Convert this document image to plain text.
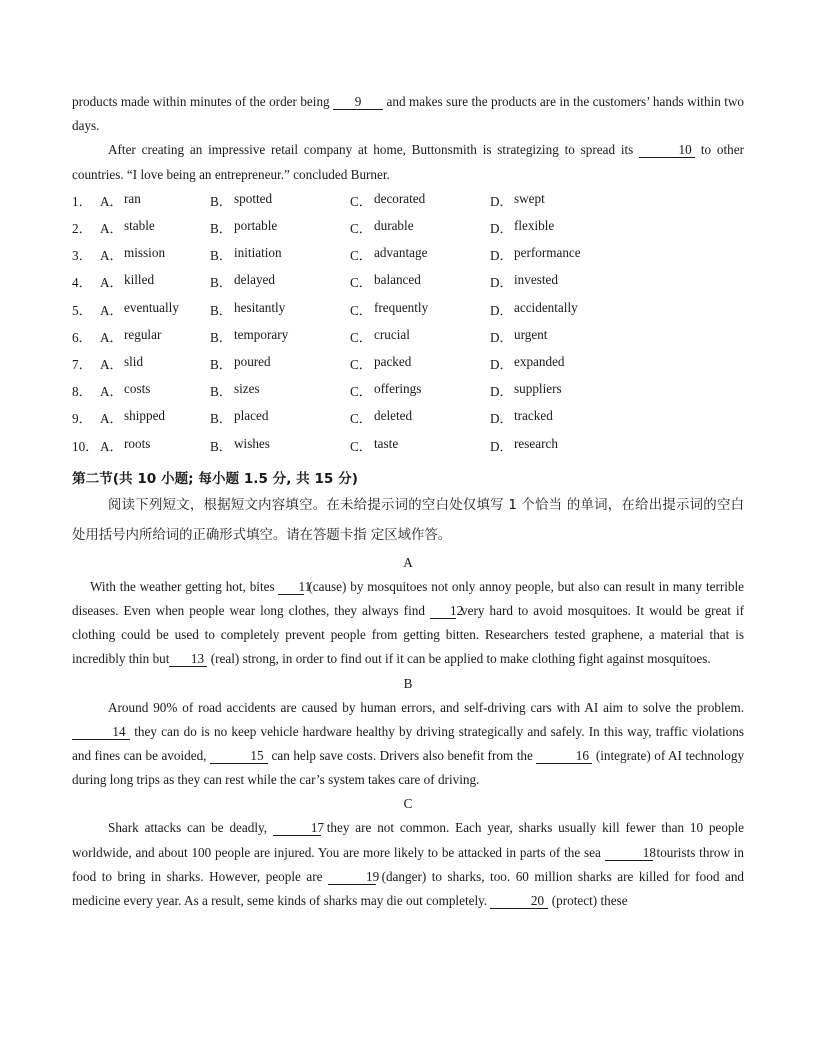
products made within minutes of the order being 9 and makes sure the products are in the customers’ hands within two days.

After creating an impressive retail company at home, Buttonsmith is strategizing to spread its	10 to other countries. “I love being an entrepreneur.” concluded Burner.

1． A． ran	B． spotted	C． decorated	D． swept
2． A． stable	B． portable	C． durable	D． flexible
3． A． mission	B． initiation	C． advantage	D． performance
4． A． killed	B． delayed	C． balanced	D． invested
5． A． eventually B． hesitantly	C． frequently	D． accidentally
6． A． regular	B． temporary	C． crucial	D． urgent
7． A． slid	B． poured	C． packed	D． expanded
8． A． costs	B． sizes	C． offerings	D． suppliers
9． A． shipped	B． placed	C． deleted	D． tracked
10． A． roots	B． wishes	C． taste	D． research
第二节(共 10 小题; 每小题 1.5 分, 共 15 分)

阅读下列短文，根据短文内容填空。在未给提示词的空白处仅填写 1 个恰当 的单词，在给出提示词的空白处用括号内所给词的正确形式填空。请在答题卡指 定区域作答。

A

With the weather getting hot, bites 11 (cause) by mosquitoes not only annoy people, but also can result in many terrible diseases. Even when people wear long clothes, they always find 12 very hard to avoid mosquitoes. It would be great if clothing could be used to completely prevent people from getting bitten. Researchers tested graphene, a material that is incredibly thin but 13 (real) strong, in order to find out if it can be applied to make clothing fight against mosquitoes.

B

Around 90% of road accidents are caused by human errors, and self-driving cars with AI aim to solve the problem. 14 they can do is no keep vehicle hardware healthy by driving strategically and safely. In this way, traffic violations and fines can be avoided,	15 can help save costs. Drivers also benefit from the	16 (integrate) of AI technology during long trips as they can rest while the car’s system takes care of driving.

C

Shark attacks can be deadly,	17 they are not common. Each year, sharks usually kill fewer than 10 people worldwide, and about 100 people are injured. You are more likely to be attacked in parts of the sea	18 tourists throw in food to bring in sharks. However, people are	19 (danger) to sharks, too. 60 million sharks are killed for food and medicine every year. As a result, seme kinds of sharks may die out completely.	20 (protect) these
